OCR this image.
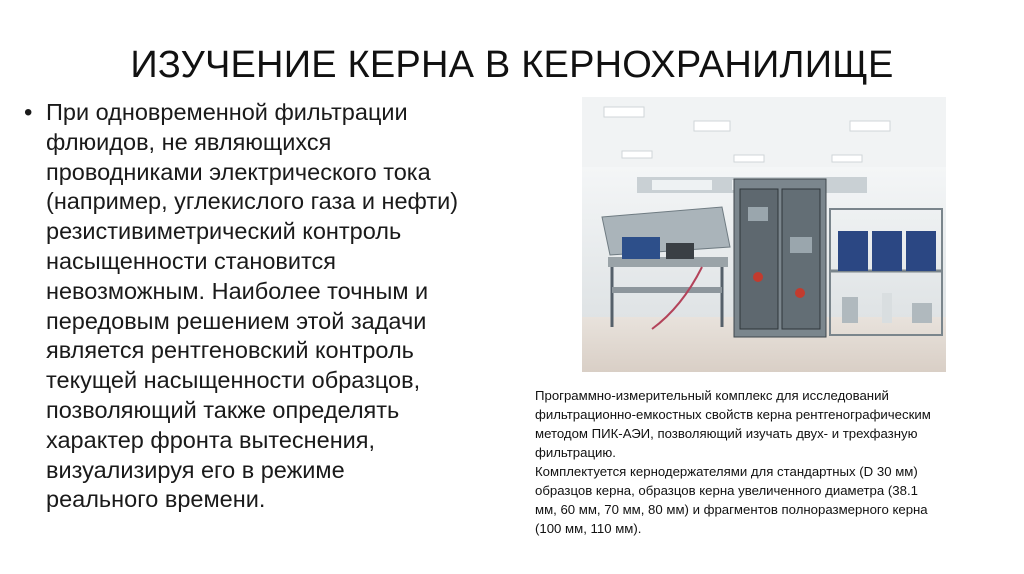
ИЗУЧЕНИЕ КЕРНА В КЕРНОХРАНИЛИЩЕ
• При одновременной фильтрации
флюидов, не являющихся
проводниками электрического тока
(например, углекислого газа и нефти)
резистивиметрический контроль
насыщенности становится
невозможным. Наиболее точным и
передовым решением этой задачи
является рентгеновский контроль
текущей насыщенности образцов,
позволяющий также определять
характер фронта вытеснения,
визуализируя его в режиме
реального времени.

Программно-измерительный комплекс для исследований
фильтрационно-емкостных свойств керна рентгенографическим
методом ПИК-АЭИ, позволяющий изучать двух- и трехфазную
фильтрацию.

Комплектуется кернодержателями для стандартных (D 30 мм)
образцов керна, образцов керна увеличенного диаметра (38.1
мм, 60 мм, 70 мм, 80 мм) и фрагментов полноразмерного керна
(100 мм, 110 мм).
